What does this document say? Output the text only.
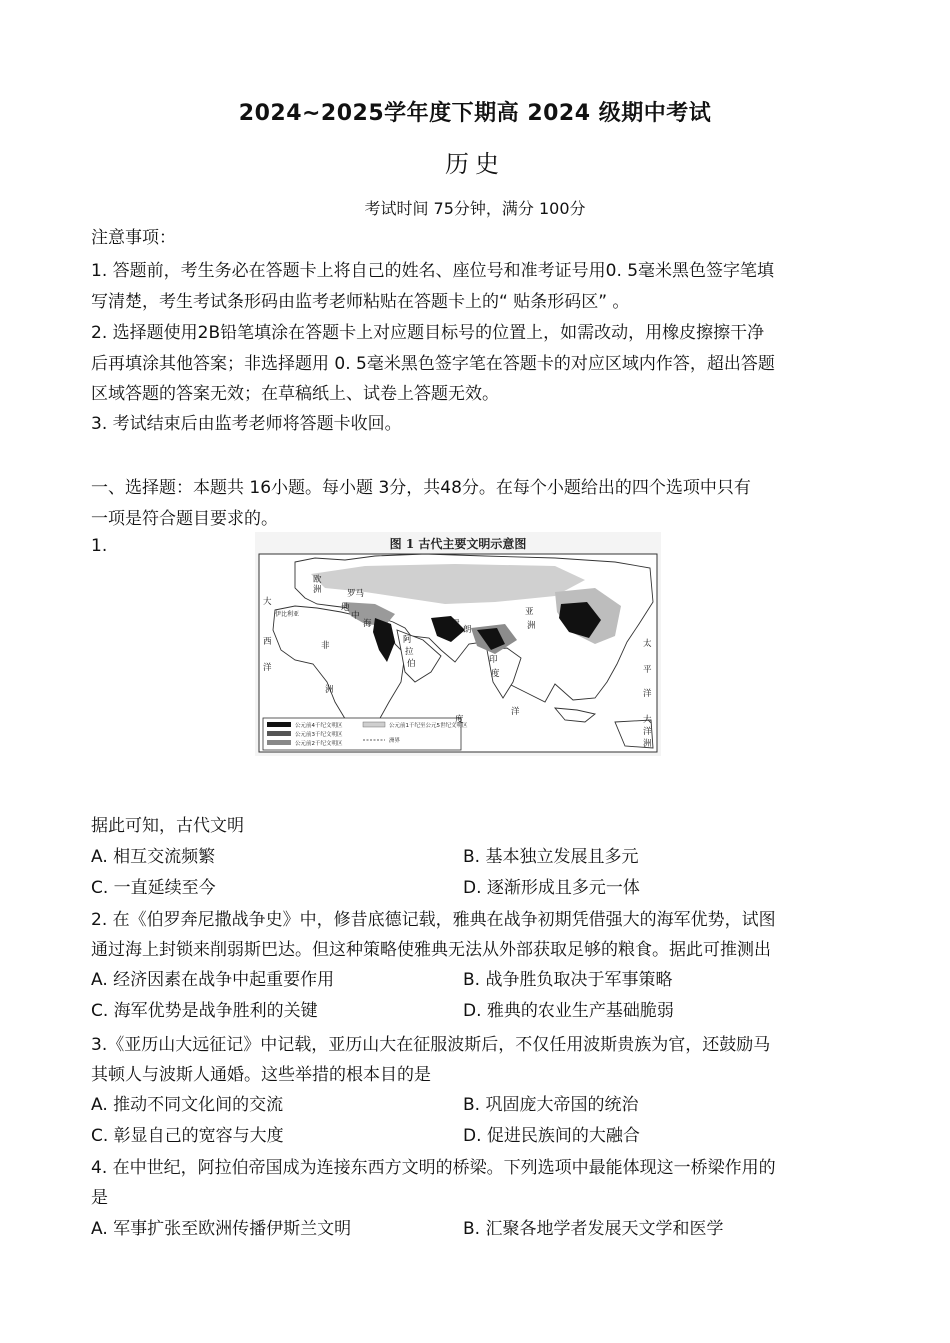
2024~2025学年度下期高 2024 级期中考试
历史
考试时间 75分钟，满分 100分
注意事项：
1. 答题前，考生务必在答题卡上将自己的姓名、座位号和准考证号用0. 5毫米黑色签字笔填
写清楚，考生考试条形码由监考老师粘贴在答题卡上的“ 贴条形码区” 。
2. 选择题使用2B铅笔填涂在答题卡上对应题目标号的位置上，如需改动，用橡皮擦擦干净
后再填涂其他答案；非选择题用 0. 5毫米黑色签字笔在答题卡的对应区域内作答，超出答题
区域答题的答案无效；在草稿纸上、试卷上答题无效。
3. 考试结束后由监考老师将答题卡收回。
一、选择题：本题共 16小题。每小题 3分，共48分。在每个小题给出的四个选项中只有
一项是符合题目要求的。
1.	图 1 古代主要文明示意图
公元前4千纪文明区
公元前3千纪文明区
公元前2千纪文明区
公元前1千纪至公元5世纪文明区
洲界
大
西
洋
欧
洲	罗马
伊比利亚
地
中
海
非
洲
阿
拉
伯
伊
朗
印
度
亚
洲
洋
太
平
洋
大
洋
洲
度
据此可知，古代文明
A. 相互交流频繁	B. 基本独立发展且多元
C. 一直延续至今	D. 逐渐形成且多元一体
2. 在《伯罗奔尼撒战争史》中，修昔底德记载，雅典在战争初期凭借强大的海军优势，试图
通过海上封锁来削弱斯巴达。但这种策略使雅典无法从外部获取足够的粮食。据此可推测出
A. 经济因素在战争中起重要作用	B. 战争胜负取决于军事策略
C. 海军优势是战争胜利的关键	D. 雅典的农业生产基础脆弱
3.《亚历山大远征记》中记载，亚历山大在征服波斯后，不仅任用波斯贵族为官，还鼓励马
其顿人与波斯人通婚。这些举措的根本目的是
A. 推动不同文化间的交流	B. 巩固庞大帝国的统治
C. 彰显自己的宽容与大度	D. 促进民族间的大融合
4. 在中世纪，阿拉伯帝国成为连接东西方文明的桥梁。下列选项中最能体现这一桥梁作用的
是
A. 军事扩张至欧洲传播伊斯兰文明	B. 汇聚各地学者发展天文学和医学
